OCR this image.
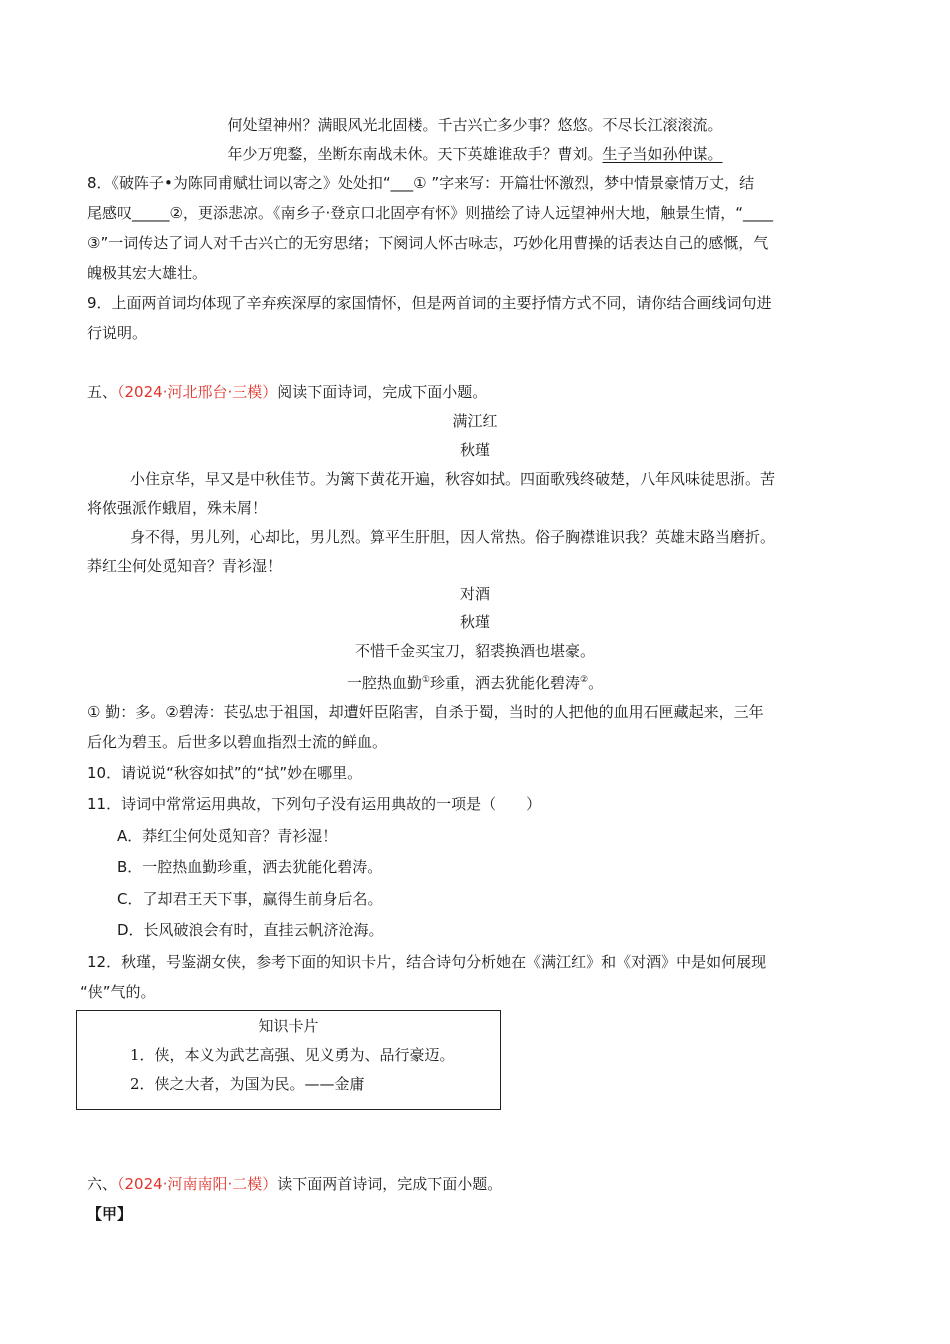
何处望神州？满眼风光北固楼。千古兴亡多少事？悠悠。不尽长江滚滚流。
年少万兜鍪，坐断东南战未休。天下英雄谁敌手？曹刘。生子当如孙仲谋。
8．《破阵子•为陈同甫赋壮词以寄之》处处扣“___① ”字来写：开篇壮怀激烈，梦中情景豪情万丈，结
尾感叹_____②，更添悲凉。《南乡子·登京口北固亭有怀》则描绘了诗人远望神州大地，触景生情，“____
③”一词传达了词人对千古兴亡的无穷思绪；下阕词人怀古咏志，巧妙化用曹操的话表达自己的感慨，气
魄极其宏大雄壮。
9．上面两首词均体现了辛弃疾深厚的家国情怀，但是两首词的主要抒情方式不同，请你结合画线词句进
行说明。
五、（2024·河北邢台·三模）阅读下面诗词，完成下面小题。
满江红
秋瑾
小住京华，早又是中秋佳节。为篱下黄花开遍，秋容如拭。四面歌残终破楚，八年风味徒思浙。苦
将侬强派作蛾眉，殊未屑！
身不得，男儿列，心却比，男儿烈。算平生肝胆，因人常热。俗子胸襟谁识我？英雄末路当磨折。
莽红尘何处觅知音？青衫湿！
对酒
秋瑾
不惜千金买宝刀，貂裘换酒也堪豪。
一腔热血勤①珍重，洒去犹能化碧涛②。
① 勤：多。②碧涛：苌弘忠于祖国，却遭奸臣陷害，自杀于蜀，当时的人把他的血用石匣藏起来，三年
后化为碧玉。后世多以碧血指烈士流的鲜血。
10．请说说“秋容如拭”的“拭”妙在哪里。
11．诗词中常常运用典故，下列句子没有运用典故的一项是（　　）
A．莽红尘何处觅知音？青衫湿！
B．一腔热血勤珍重，洒去犹能化碧涛。
C．了却君王天下事，赢得生前身后名。
D．长风破浪会有时，直挂云帆济沧海。
12．秋瑾，号鉴湖女侠，参考下面的知识卡片，结合诗句分析她在《满江红》和《对酒》中是如何展现
“侠”气的。
知识卡片
1．侠，本义为武艺高强、见义勇为、品行豪迈。
2．侠之大者，为国为民。——金庸
六、（2024·河南南阳·二模）读下面两首诗词，完成下面小题。
【甲】
